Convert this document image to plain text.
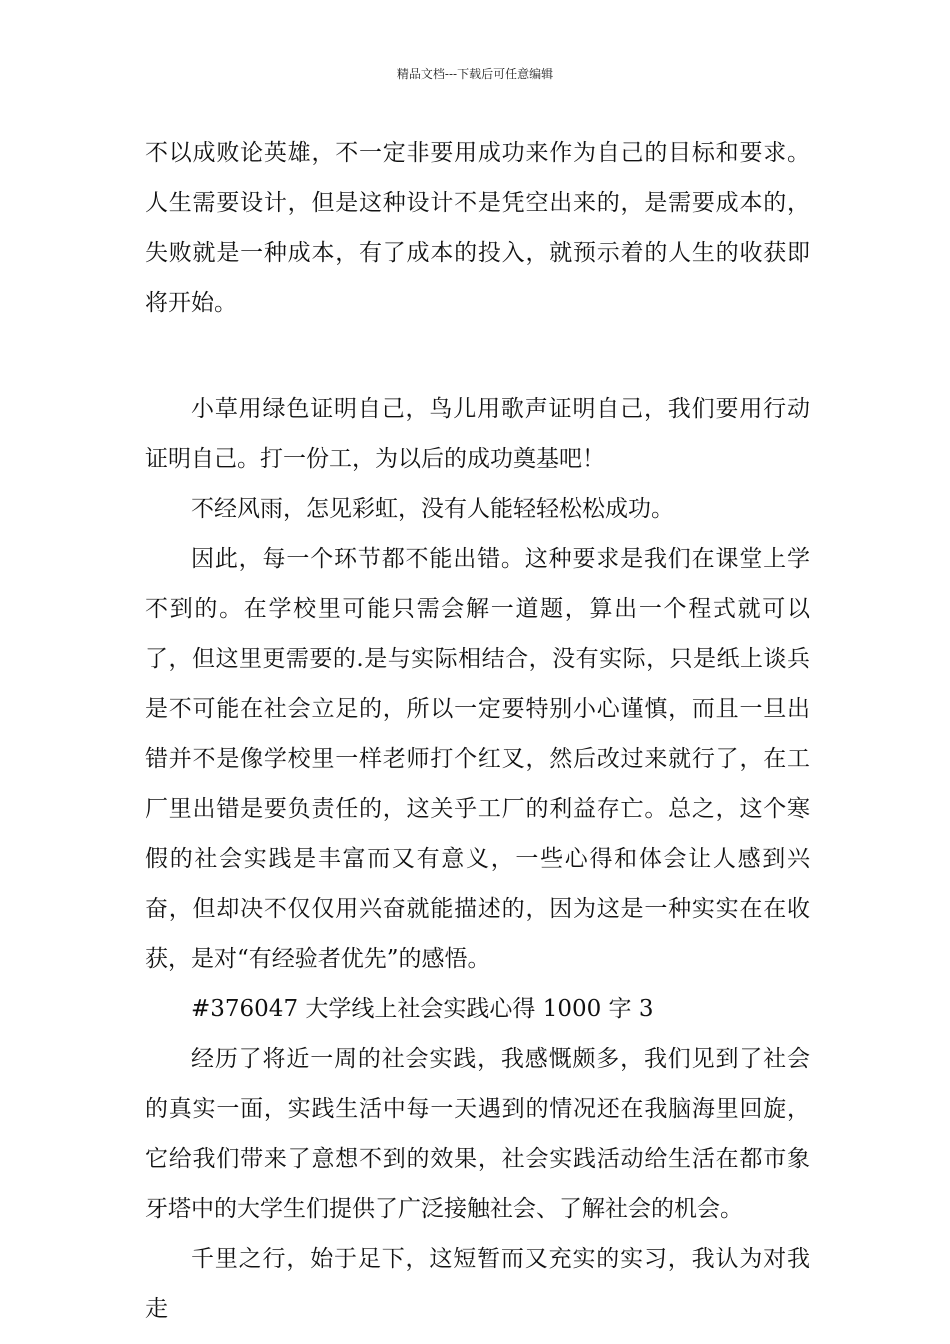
精品文档---下载后可任意编辑

不以成败论英雄，不一定非要用成功来作为自己的目标和要求。人生需要设计，但是这种设计不是凭空出来的，是需要成本的，失败就是一种成本，有了成本的投入，就预示着的人生的收获即将开始。

小草用绿色证明自己，鸟儿用歌声证明自己，我们要用行动证明自己。打一份工，为以后的成功奠基吧！

不经风雨，怎见彩虹，没有人能轻轻松松成功。

因此，每一个环节都不能出错。这种要求是我们在课堂上学不到的。在学校里可能只需会解一道题，算出一个程式就可以了，但这里更需要的.是与实际相结合，没有实际，只是纸上谈兵是不可能在社会立足的，所以一定要特别小心谨慎，而且一旦出错并不是像学校里一样老师打个红叉，然后改过来就行了，在工厂里出错是要负责任的，这关乎工厂的利益存亡。总之，这个寒假的社会实践是丰富而又有意义，一些心得和体会让人感到兴奋，但却决不仅仅用兴奋就能描述的，因为这是一种实实在在收获，是对“有经验者优先”的感悟。

#376047 大学线上社会实践心得 1000 字 3

经历了将近一周的社会实践，我感慨颇多，我们见到了社会的真实一面，实践生活中每一天遇到的情况还在我脑海里回旋，它给我们带来了意想不到的效果，社会实践活动给生活在都市象牙塔中的大学生们提供了广泛接触社会、了解社会的机会。

千里之行，始于足下，这短暂而又充实的实习，我认为对我走
